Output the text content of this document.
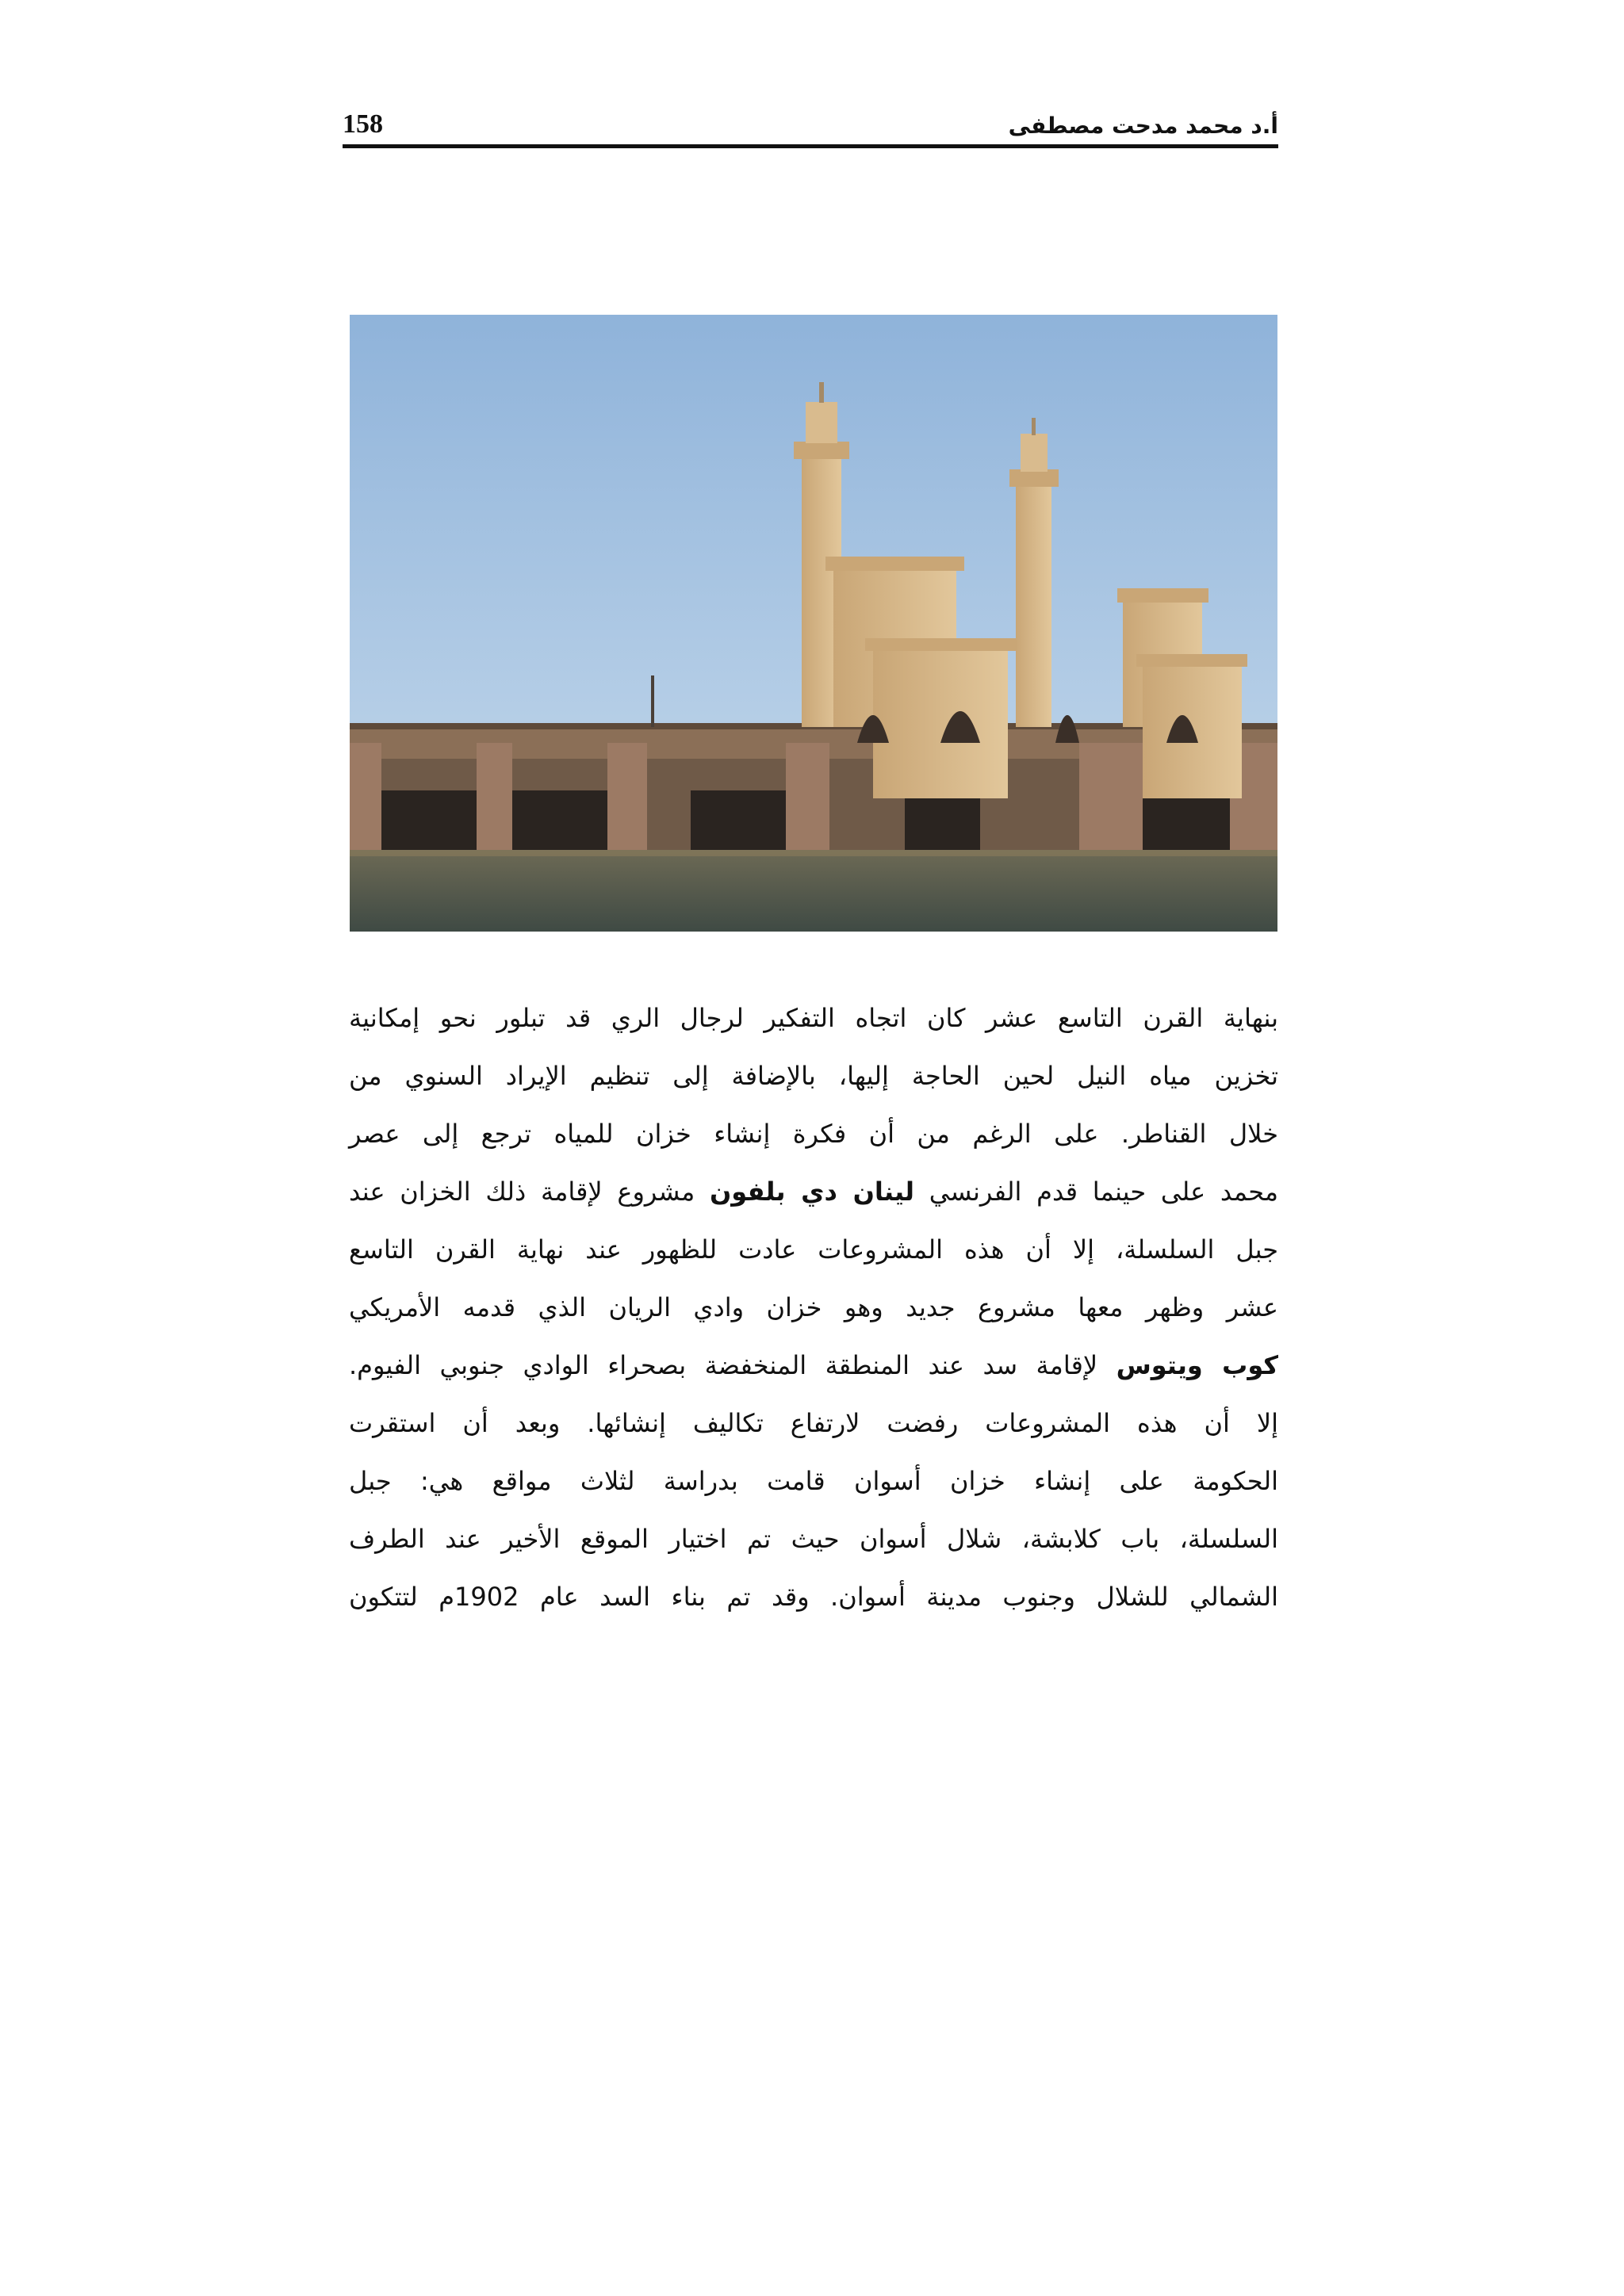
158	أ.د محمد مدحت مصطفى
بنهاية القرن التاسع عشر كان اتجاه التفكير لرجال الري قد تبلور نحو إمكانية
تخزين مياه النيل لحين الحاجة إليها، بالإضافة إلى تنظيم الإيراد السنوي من
خلال القناطر. على الرغم من أن فكرة إنشاء خزان للمياه ترجع إلى عصر
محمد على حينما قدم الفرنسي لينان دي بلفون مشروع لإقامة ذلك الخزان عند
جبل السلسلة، إلا أن هذه المشروعات عادت للظهور عند نهاية القرن التاسع
عشر وظهر معها مشروع جديد وهو خزان وادي الريان الذي قدمه الأمريكي
كوب ويتوس لإقامة سد عند المنطقة المنخفضة بصحراء الوادي جنوبي الفيوم.
إلا أن هذه المشروعات رفضت لارتفاع تكاليف إنشائها. وبعد أن استقرت
الحكومة على إنشاء خزان أسوان قامت بدراسة لثلاث مواقع هي: جبل
السلسلة، باب كلابشة، شلال أسوان حيث تم اختيار الموقع الأخير عند الطرف
الشمالي للشلال وجنوب مدينة أسوان. وقد تم بناء السد عام 1902م لتتكون
